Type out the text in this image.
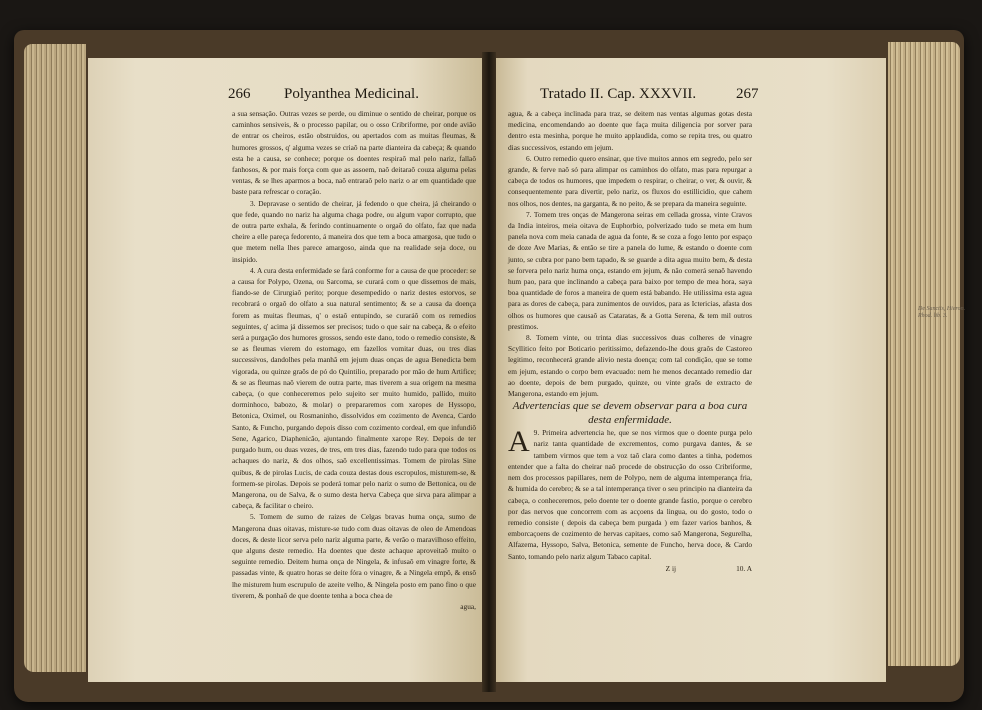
266 Polyanthea Medicinal.	Tratado II. Cap. XXXVII.	267

a sua sensação. Outras vezes se perde, ou diminue o sentido de cheirar, porque os caminhos sensiveis, & o processo papilar, ou o osso Cribriforme, por onde avião de entrar os cheiros, estão obstruidos, ou apertados com as muitas fleumas, & humores grossos, q' alguma vezes se criaõ na parte dianteira da cabeça; & quando esta he a causa, se conhece; porque os doentes respiraõ mal pelo nariz, fallaõ fanhosos, & por mais força com que as assoem, naõ deitaraõ couza alguma pelas ventas, & se lhes aparmos a boca, naõ entraraõ pelo nariz o ar em quantidade que baste para refrescar o coração.

3. Depravase o sentido de cheirar, já fedendo o que cheira, já cheirando o que fede, quando no nariz ha alguma chaga podre, ou algum vapor corrupto, que de outra parte exhala, & ferindo continuamente o orgaõ do olfato, faz que nada cheire a elle pareça fedorento, á maneira dos que tem a boca amargosa, que tudo o que metem nella lhes parece amargoso, ainda que na realidade seja doce, ou insipido.

4. A cura desta enfermidade se fará conforme for a causa de que proceder: se a causa for Polypo, Ozena, ou Sarcoma, se curará com o que dissemos de mais, fiando-se de Cirurgiaõ perito; porque desempedido o nariz destes estorvos, se recobrará o orgaõ do olfato a sua natural sentimento; & se a causa da doença forem as muitas fleumas, q' o estaõ entupindo, se curaráõ com os remedios seguintes, q' acima já dissemos ser precisos; tudo o que sair na cabeça, & o efeito será a purgação dos humores grossos, sendo este dano, todo o remedio consiste, & se as fleumas vierem do estomago, em fazellos vomitar duas, ou tres dias successivos, dandolhes pela manhã em jejum duas onças de agua Benedicta bem vigorada, ou quinze graõs de pó do Quintilio, preparado por mão de hum Artifice; & se as fleumas naõ vierem de outra parte, mas tiverem a sua origem na mesma cabeça, (o que conheceremos pelo sujeito ser muito humido, pallido, muito dorminhoco, babozo, & molar) o prepararemos com xaropes de Hyssopo, Betonica, Oximel, ou Rosmaninho, dissolvidos em cozimento de Avenca, Cardo Santo, & Funcho, purgando depois disso com cozimento cordeal, em que infundiõ Sene, Agarico, Diaphenicão, ajuntando finalmente xarope Rey. Depois de ter purgado hum, ou duas vezes, de tres, em tres dias, fazendo tudo para que todos os achaques do nariz, & dos olhos, saõ excellentissimas. Tomem de pirolas Sine quibus, & de pirolas Lucis, de cada couza destas dous escropulos, misturem-se, & formem-se pirolas. Depois se poderá tomar pelo nariz o sumo de Bettonica, ou de Mangerona, ou de Salva, & o sumo desta herva Cabeça que sirva para alimpar a cabeça, & facilitar o cheiro.

5. Tomem de sumo de raizes de Celgas bravas huma onça, sumo de Mangerona duas oitavas, misture-se tudo com duas oitavas de oleo de Amendoas doces, & deste licor serva pelo nariz alguma parte, & verão o maravilhoso effeito, que alguns deste remedio. Ha doentes que deste achaque aproveitaõ muito o seguinte remedio. Deitem huma onça de Ningela, & infusaõ em vinagre forte, & passadas vinte, & quatro horas se deite fóra o vinagre, & a Ningela empõ, & ensõ lhe misturem hum escrupulo de azeite velho, & Ningela posto em pano fino o que tiverem, & ponhaõ de que doente tenha a boca chea de

agua,

agua, & a cabeça inclinada para traz, se deitem nas ventas algumas gotas desta medicina, encomendando ao doente que faça muita diligencia por sorver para dentro esta mesinha, porque he muito applaudida, como se repita tres, ou quatro dias successivos, estando em jejum.

6. Outro remedio quero ensinar, que tive muitos annos em segredo, pelo ser grande, & ferve naõ só para alimpar os caminhos do olfato, mas para repurgar a cabeça de todos os humores, que impedem o respirar, o cheirar, o ver, & ouvir, & consequentemente para divertir, pelo nariz, os fluxos do estillicidio, que cahem nos olhos, nos dentes, na garganta, & no peito, & se prepara da maneira seguinte.

7. Tomem tres onças de Mangerona seiras em cellada grossa, vinte Cravos da India inteiros, meia oitava de Euphorbio, polverizado tudo se meta em hum panela nova com meia canada de agua da fonte, & se coza a fogo lento por espaço de doze Ave Marias, & então se tire a panela do lume, & estando o doente com junto, se cubra por pano bem tapado, & se guarde a dita agua muito bem, & desta se forvera pelo nariz huma onça, estando em jejum, & não comerá senaõ havendo hum pao, para que inclinando a cabeça para baixo por tempo de mea hora, saya boa quantidade de foros a maneira de quem está babando. He utilissima esta agua para as dores de cabeça, para zunimentos de ouvidos, para as Ictericias, afasta dos olhos os humores que causaõ as Cataratas, & a Gotta Serena, & tem mil outros prestimos.

8. Tomem vinte, ou trinta dias successivos duas colheres de vinagre Scyllitico feito por Boticario peritissimo, defazendo-lhe dous graõs de Castoreo legitimo, reconhecerá grande alivio nesta doença; com tal condição, que se tome em jejum, estando o corpo bem evacuado: nem he menos decantado remedio dar ao doente, depois de bem purgado, quinze, ou vinte graõs de extracto de Mangerona, estando em jejum.

Advertencias que se devem observar para a boa cura desta enfermidade.

9.
A Primeira advertencia he, que se nos virmos que o doente purga pelo nariz tanta quantidade de excrementos, como purgava dantes, & se tambem virmos que tem a voz taõ clara como dantes a tinha, podemos entender que a falta do cheirar naõ procede de obstrucção do osso Cribriforme, nem dos processos papillares, nem de Polypo, nem de alguma intemperança fria, & humida do cerebro; & se a tal intemperança tiver o seu principio na dianteira da cabeça, o conheceremos, pelo doente ter o doente grande fastio, porque o cerebro por das nervos que concorrem com as acçoens da lingua, ou do gosto, todo o remedio consiste ( depois da cabeça bem purgada ) em fazer varios banhos, & emborcaçoens de cozimento de hervas capitaes, como saõ Mangerona, Segurelha, Alfazema, Hyssopo, Salva, Betonica, semente de Funcho, herva doce, & Cardo Santo, tomando pelo nariz algum Tabaco capital.

Z ij	10. A

De Sanctis, Hieron. Rhod. lib. 3.
